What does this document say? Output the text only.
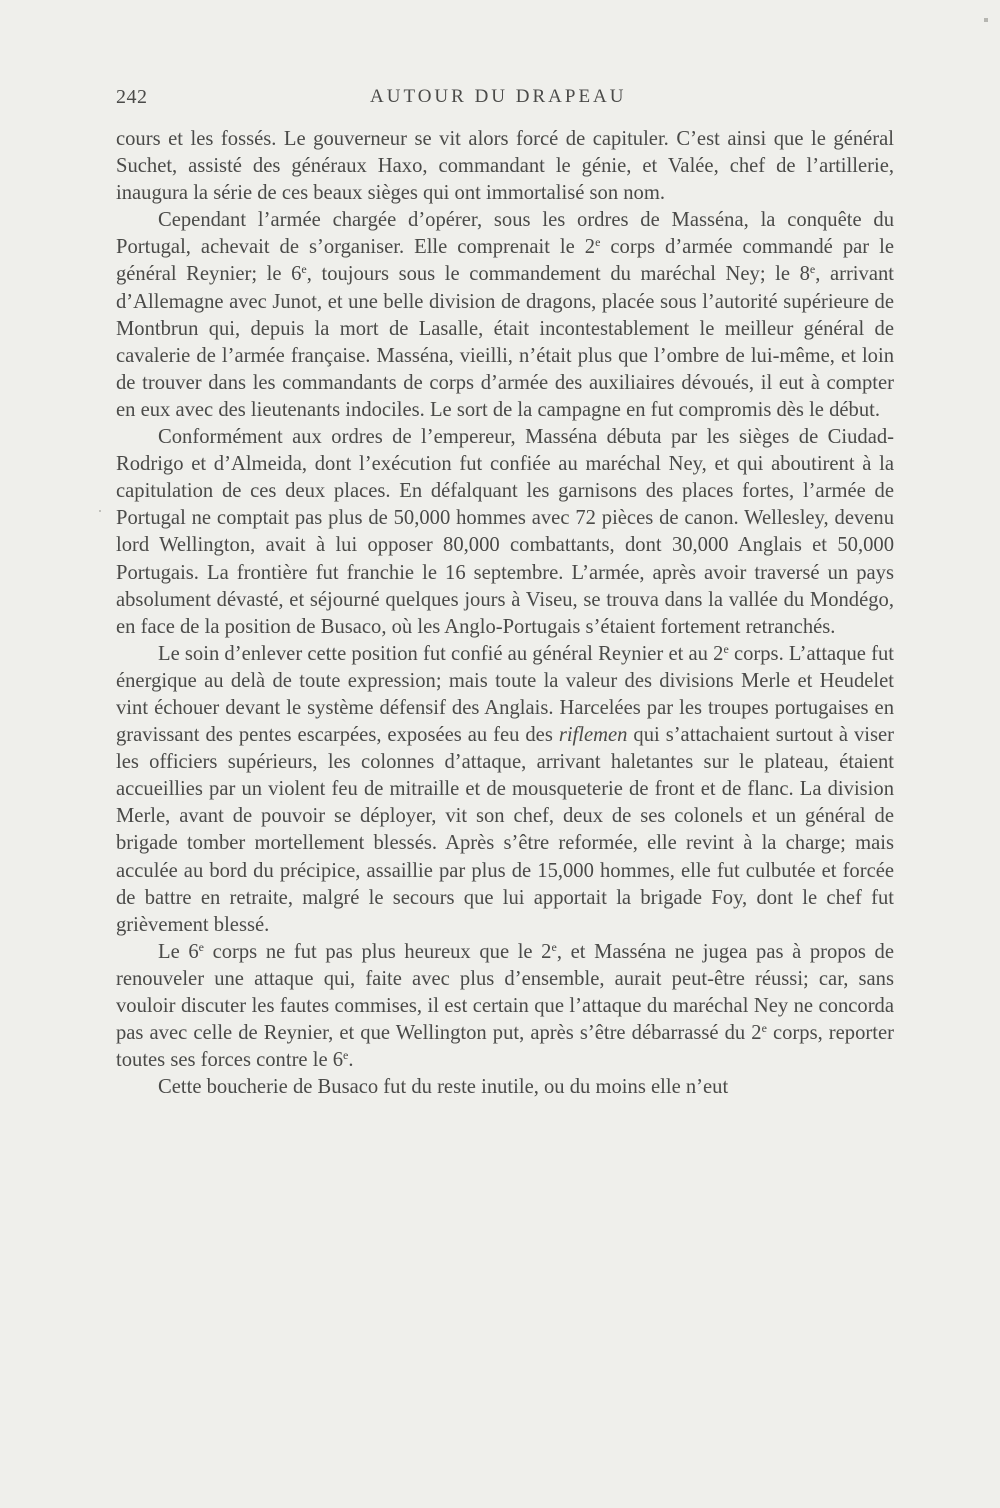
242	AUTOUR DU DRAPEAU

cours et les fossés. Le gouverneur se vit alors forcé de capituler. C’est ainsi que le général Suchet, assisté des généraux Haxo, commandant le génie, et Valée, chef de l’artillerie, inaugura la série de ces beaux sièges qui ont immortalisé son nom.

Cependant l’armée chargée d’opérer, sous les ordres de Masséna, la conquête du Portugal, achevait de s’organiser. Elle comprenait le 2e corps d’armée commandé par le général Reynier; le 6e, toujours sous le commandement du maréchal Ney; le 8e, arrivant d’Allemagne avec Junot, et une belle division de dragons, placée sous l’autorité supérieure de Montbrun qui, depuis la mort de Lasalle, était incontestablement le meilleur général de cavalerie de l’armée française. Masséna, vieilli, n’était plus que l’ombre de lui-même, et loin de trouver dans les commandants de corps d’armée des auxiliaires dévoués, il eut à compter en eux avec des lieutenants indociles. Le sort de la campagne en fut compromis dès le début.

Conformément aux ordres de l’empereur, Masséna débuta par les sièges de Ciudad-Rodrigo et d’Almeida, dont l’exécution fut confiée au maréchal Ney, et qui aboutirent à la capitulation de ces deux places. En défalquant les garnisons des places fortes, l’armée de Portugal ne comptait pas plus de 50,000 hommes avec 72 pièces de canon. Wellesley, devenu lord Wellington, avait à lui opposer 80,000 combattants, dont 30,000 Anglais et 50,000 Portugais. La frontière fut franchie le 16 septembre. L’armée, après avoir traversé un pays absolument dévasté, et séjourné quelques jours à Viseu, se trouva dans la vallée du Mondégo, en face de la position de Busaco, où les Anglo-Portugais s’étaient fortement retranchés.

Le soin d’enlever cette position fut confié au général Reynier et au 2e corps. L’attaque fut énergique au delà de toute expression; mais toute la valeur des divisions Merle et Heudelet vint échouer devant le système défensif des Anglais. Harcelées par les troupes portugaises en gravissant des pentes escarpées, exposées au feu des riflemen qui s’attachaient surtout à viser les officiers supérieurs, les colonnes d’attaque, arrivant haletantes sur le plateau, étaient accueillies par un violent feu de mitraille et de mousqueterie de front et de flanc. La division Merle, avant de pouvoir se déployer, vit son chef, deux de ses colonels et un général de brigade tomber mortellement blessés. Après s’être reformée, elle revint à la charge; mais acculée au bord du précipice, assaillie par plus de 15,000 hommes, elle fut culbutée et forcée de battre en retraite, malgré le secours que lui apportait la brigade Foy, dont le chef fut grièvement blessé.

Le 6e corps ne fut pas plus heureux que le 2e, et Masséna ne jugea pas à propos de renouveler une attaque qui, faite avec plus d’ensemble, aurait peut-être réussi; car, sans vouloir discuter les fautes commises, il est certain que l’attaque du maréchal Ney ne concorda pas avec celle de Reynier, et que Wellington put, après s’être débarrassé du 2e corps, reporter toutes ses forces contre le 6e.

Cette boucherie de Busaco fut du reste inutile, ou du moins elle n’eut
